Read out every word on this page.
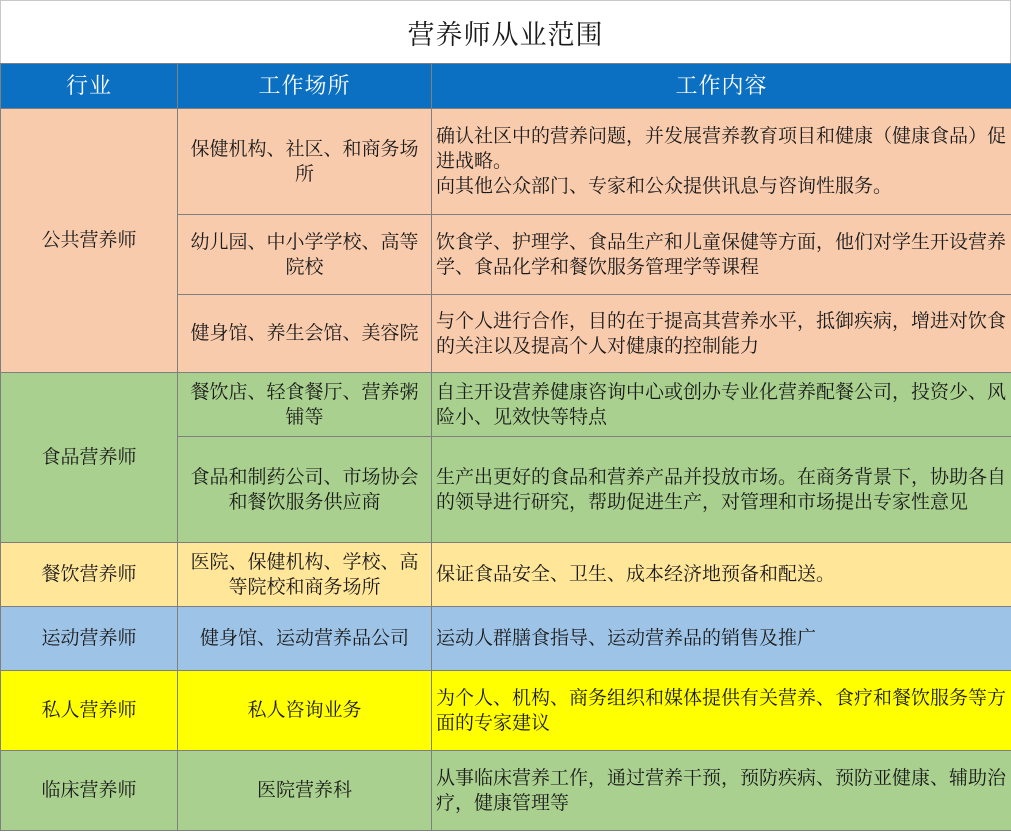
营养师从业范围
行业	工作场所	工作内容
公共营养师	保健机构、社区、和商务场所	确认社区中的营养问题，并发展营养教育项目和健康（健康食品）促进战略。
向其他公众部门、专家和公众提供讯息与咨询性服务。

	幼儿园、中小学学校、高等院校	饮食学、护理学、食品生产和儿童保健等方面，他们对学生开设营养学、食品化学和餐饮服务管理学等课程
	健身馆、养生会馆、美容院	与个人进行合作，目的在于提高其营养水平，抵御疾病，增进对饮食的关注以及提高个人对健康的控制能力
食品营养师	餐饮店、轻食餐厅、营养粥铺等	自主开设营养健康咨询中心或创办专业化营养配餐公司，投资少、风险小、见效快等特点
	食品和制药公司、市场协会和餐饮服务供应商	生产出更好的食品和营养产品并投放市场。在商务背景下，协助各自的领导进行研究，帮助促进生产，对管理和市场提出专家性意见
餐饮营养师	医院、保健机构、学校、高等院校和商务场所	保证食品安全、卫生、成本经济地预备和配送。
运动营养师	健身馆、运动营养品公司	运动人群膳食指导、运动营养品的销售及推广
私人营养师	私人咨询业务	为个人、机构、商务组织和媒体提供有关营养、食疗和餐饮服务等方面的专家建议
临床营养师	医院营养科	从事临床营养工作，通过营养干预，预防疾病、预防亚健康、辅助治疗，健康管理等
